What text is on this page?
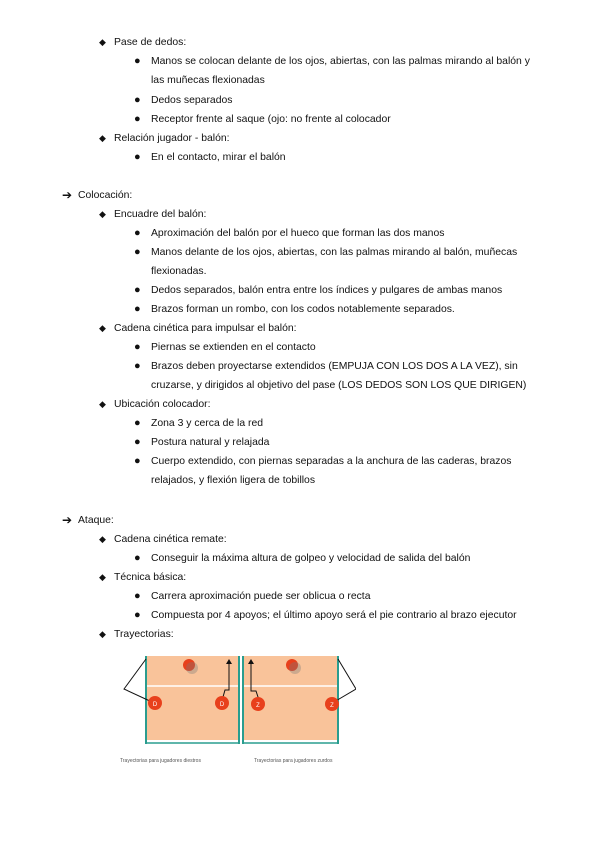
◆ Pase de dedos:
● Manos se colocan delante de los ojos, abiertas, con las palmas mirando al balón y
las muñecas flexionadas
● Dedos separados
● Receptor frente al saque (ojo: no frente al colocador
◆ Relación jugador - balón:
● En el contacto, mirar el balón
➔ Colocación:
◆ Encuadre del balón:
● Aproximación del balón por el hueco que forman las dos manos
● Manos delante de los ojos, abiertas, con las palmas mirando al balón, muñecas
flexionadas.
● Dedos separados, balón entra entre los índices y pulgares de ambas manos
● Brazos forman un rombo, con los codos notablemente separados.
◆ Cadena cinética para impulsar el balón:
● Piernas se extienden en el contacto
● Brazos deben proyectarse extendidos (EMPUJA CON LOS DOS A LA VEZ), sin
cruzarse, y dirigidos al objetivo del pase (LOS DEDOS SON LOS QUE DIRIGEN)
◆ Ubicación colocador:
● Zona 3 y cerca de la red
● Postura natural y relajada
● Cuerpo extendido, con piernas separadas a la anchura de las caderas, brazos
relajados, y flexión ligera de tobillos
➔ Ataque:
◆ Cadena cinética remate:
● Conseguir la máxima altura de golpeo y velocidad de salida del balón
◆ Técnica básica:
● Carrera aproximación puede ser oblicua o recta
● Compuesta por 4 apoyos; el último apoyo será el pie contrario al brazo ejecutor
◆ Trayectorias:
D	D	Z	Z
Trayectorias para jugadores diestros	Trayectorias para jugadores zurdos
